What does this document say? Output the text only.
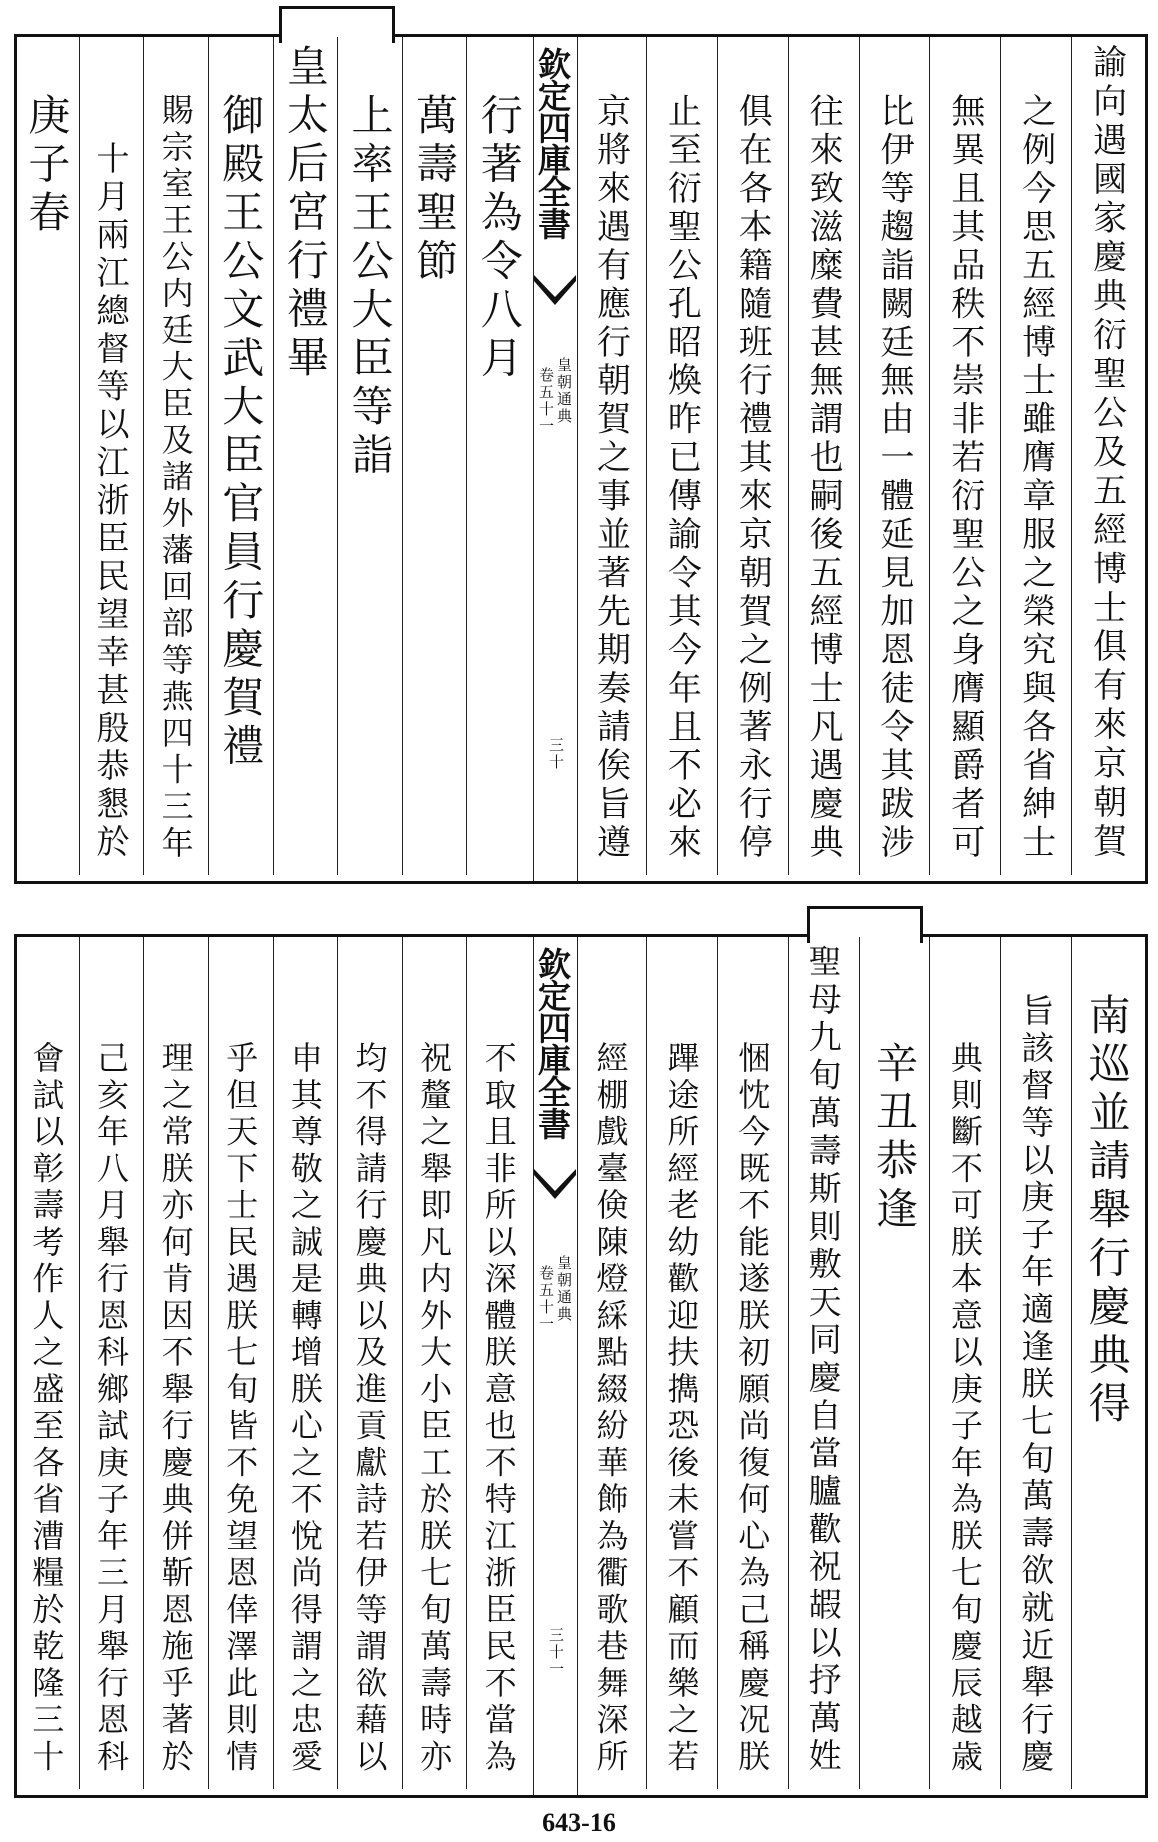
欽定四庫全書
皇朝通典
卷五十一
三十	諭向遇國家慶典衍聖公及五經博士俱有來京朝賀
之例今思五經博士雖膺章服之榮究與各省紳士
無異且其品秩不崇非若衍聖公之身膺顯爵者可
比伊等趨詣闕廷無由一體延見加恩徒令其跋涉
往來致滋糜費甚無謂也嗣後五經博士凡遇慶典
俱在各本籍隨班行禮其來京朝賀之例著永行停
止至衍聖公孔昭煥昨已傳諭令其今年且不必來
京將來遇有應行朝賀之事並著先期奏請俟旨遵
行著為令八月
萬壽聖節
上率王公大臣等詣
皇太后宮行禮畢
御殿王公文武大臣官員行慶賀禮
賜宗室王公内廷大臣及諸外藩回部等燕四十三年
十月兩江總督等以江浙臣民望幸甚殷恭懇於
庚子春
欽定四庫全書
皇朝通典
卷五十一
三十一
南巡並請舉行慶典得
旨該督等以庚子年適逢朕七旬萬壽欲就近舉行慶
典則斷不可朕本意以庚子年為朕七旬慶辰越歳
辛丑恭逢
聖母九旬萬壽斯則敷天同慶自當臚歡祝嘏以抒萬姓
悃忱今既不能遂朕初願尚復何心為己稱慶况朕
蹕途所經老幼歡迎扶擕恐後未嘗不顧而樂之若
經棚戲臺倹陳燈綵點綴紛華飾為衢歌巷舞深所
不取且非所以深體朕意也不特江浙臣民不當為
祝釐之舉即凡内外大小臣工於朕七旬萬壽時亦
均不得請行慶典以及進貢獻詩若伊等謂欲藉以
申其尊敬之誠是轉增朕心之不悅尚得謂之忠愛
乎但天下士民遇朕七旬皆不免望恩倖澤此則情
理之常朕亦何肯因不舉行慶典併靳恩施乎著於
己亥年八月舉行恩科鄉試庚子年三月舉行恩科
會試以彰壽考作人之盛至各省漕糧於乾隆三十
643-16
